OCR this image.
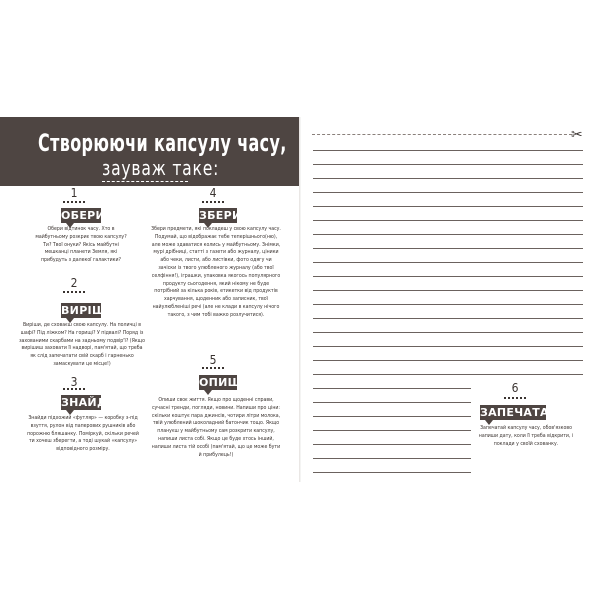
Створюючи капсулу часу,
зауваж таке:
1
ОБЕРИ
Обери відтинок часу. Хто в майбутньому розкриє твою капсулу? Ти? Твої онуки? Якісь майбутні мешканці планети Земля, які прибудуть з далекої галактики?
2
ВИРІШИ
Виріши, де сховаєш свою капсулу. На поличці в шафі? Під ліжком? На горищі? У підвалі? Поряд із захованими скарбами на задньому подвір'ї? (Якщо вирішиш заховати її надворі, пам'ятай, що треба як слід запечатати свій скарб і гарненько замаскувати це місце!)
3
ЗНАЙДИ
Знайди підхожий «футляр» — коробку з-під взуття, рулон від паперових рушників або порожню бляшанку. Поміркуй, скільки речей ти хочеш зберегти, а тоді шукай «капсулу» відповідного розміру.
4
ЗБЕРИ
Збери предмети, які покладеш у свою капсулу часу. Подумай, що відображає тебе теперішнього(ню), але може здаватися колись у майбутньому. Знімки, мурі дрібниці, статті з газети або журналу, ціники або чеки, листи, або листівки, фото одягу чи зачіски із твого улюбленого журналу (або твої селфіння!), іграшки, упаковка якогось популярного продукту сьогодення, який нікому не буде потрібний за кілька років, етикетки від продуктів харчування, щоденник або записник, твої найулюбленіші речі (але не клади в капсулу нічого такого, з чим тобі важко розлучитися).
5
ОПИШИ
Опиши своє життя. Якщо про щоденні справи, сучасні тренди, погляди, новини. Напиши про ціни: скільки коштує пара джинсів, чотири літри молока, твій улюблений шоколадний батончик тощо. Якщо плануєш у майбутньому сам розкрити капсулу, напиши листа собі. Якщо це буде хтось інший, напиши листа тій особі (пам'ятай, що це може бути й прибулець!)
✂
6
ЗАПЕЧАТАЙ
Запечатай капсулу часу, обов'язково напиши дату, коли її треба відкрити, і поклади у своїй схованку.
